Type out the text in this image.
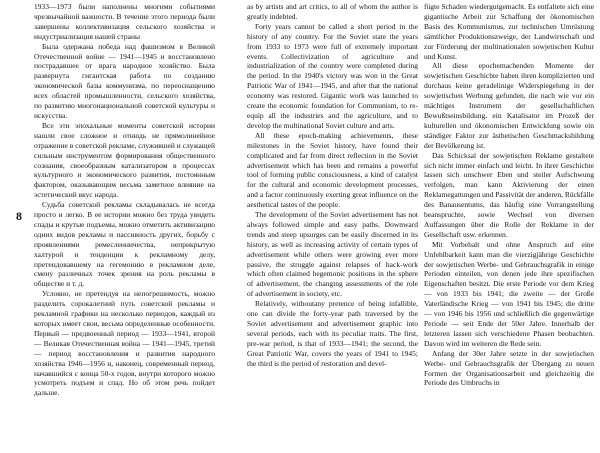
8

1933—1973 были наполнены многими событиями чрезвычайной важности. В течение этого периода были завершены коллективизация сельского хозяйства и индустриализация нашей страны

Была одержана победа над фашизмом в Великой Отечественной войне — 1941—1945 и восстановлено пострадавшее от врага народное хозяйство. Была развернута гигантская работа по созданию экономической базы коммунизма, по переоснащению всех областей промышленности, сельского хозяйства, по развитию многонациональной советской культуры и искусства.

Все эти эпохальные моменты советской истории нашли свое сложное и отнюдь не прямолинейное отражение в советской рекламе, служившей и служащей сильным инструментом формирования общественного сознания, своеобразным катализатором в процессах культурного и экономического развития, постоянным фактором, оказывающим весьма заметное влияние на эстетический вкус народа.

Судьба советской рекламы складывалась не всегда просто и легко. В ее истории можно без труда увидеть спады и крутые подъемы, можно отметить активизацию одних видов рекламы и пассивность других, борьбу с проявлениями ремесленничества, неприкрытую халтурой и тенденции к рекламному делу, претендовавшему на гегемонию в рекламном деле, смену различных точек зрения на роль рекламы в обществе и т. д.

Условно, не претендуя на непогрешимость, можно разделить сорокалетний путь советской рекламы и рекламной графики на несколько периодов, каждый из которых имеет свои, весьма определенные особенности. Первый — предвоенный период — 1933—1941, второй — Великая Отечественная война — 1941—1945, третий — период восстановления и развития народного хозяйства 1946—1956 и, наконец, современный период, начавшийся с конца 50-х годов, внутри которого можно усмотреть подъем и спад. Но об этом речь пойдет дальше.

as by artists and art critics, to all of whom the author is greatly indebted.

Forty years cannot be called a short period in the history of any country. For the Soviet state the years from 1933 to 1973 were full of extremely important events. Collectivization of agriculture and industrialization of the country were completed during the period. In the 1940's victory was won in the Great Patriotic War of 1941—1945, and after that the national economy was restored. Gigantic work was launched to create the economic foundation for Communism, to re-equip all the industries and the agriculture, and to develop the multinational Soviet culture and arts.

All these epoch-making achievements, these milestones in the Soviet history, have found their complicated and far from direct reflection in the Soviet advertisement which has been and remains a powerful tool of forming public consciousness, a kind of catalyst for the cultural and economic development processes, and a factor continuously exerting great influence on the aesthetical tastes of the people.

The development of the Soviet advertisement has not always followed simple and easy paths. Downward trends and steep upsurges can be easily discerned in its history, as well as increasing activity of certain types of advertisement while others were growing ever more passive, the struggle against relapses of hack-work which often claimed hegemonic positions in the sphere of advertisement, the changing assessments of the role of advertisement in society, etc.

Relatively, withoutany pretence of being infallible, one can divide the forty-year path traversed by the Soviet advertisement and advertisement graphic into several periods, each with its peculiar traits. The first, pre-war period, is that of 1933—1941; the second, the Great Patriotic War, covers the years of 1941 to 1945; the third is the period of restoration and devel-

fügte Schaden wiedergutgemacht. Es entfaltete sich eine gigantische Arbeit zur Schaffung der ökonomischen Basis des Kommunismus, zur technischen Umrüstung sämtlicher Produktionszweige, der Landwirtschaft und zur Förderung der multinationalen sowjetischen Kultur und Kunst.

All diese epochemachenden Momente der sowjetischen Geschichte haben ihren komplizierten und durchaus keine geradelinige Widerspiegelung in der sowjetischen Werbung gefunden, die nach wie vor ein mächtiges Instrument der gesellschaftlichen Bewußtseinsbildung, ein Katalisator im Prozeß der kulturellen und ökonomischen Entwicklung sowie ein ständiger Faktor zur ästhetischen Geschmacksbildung der Bevölkerung ist.

Das Schicksal der sowjetischen Reklame gestaltete sich nicht immer einfach und leicht. In ihrer Geschichte lassen sich unschwer Eben und steiler Aufschwung verfolgen, man kann Aktivierung der einen Reklamegattungen und Passivität der anderen, Rückfälle des Banausentums, das häufig eine Vorrangstellung beanspruchte, sowie Wechsel von diversen Auffassungen über die Rolle der Reklame in der Gesellschaft usw. erkennen.

Mit Vorbehalt und ohne Anspruch auf eine Unfehlbarkeit kann man die vierzigjährige Geschichte der sowjetischen Werbe- und Gebrauchsgrafik in einige Perioden einteilen, von denen jede ihre spezifischen Eigenschaften besitzt. Die erste Periode vor dem Krieg — von 1933 bis 1941; die zweite — der Große Vaterländische Krieg — von 1941 bis 1945; die dritte — von 1946 bis 1956 und schließlich die gegenwärtige Periode — seit Ende der 50er Jahre. Innerhalb der letzteren lassen sich verschiedene Phasen beobachten. Davon wird im weiteren die Rede sein.

Anfang der 30er Jahre setzte in der sowjetischen Werbe- und Gebrauchsgrafik der Übergang zu neuen Formen der Organisationsarbeit und gleichzeitig die Periode des Umbruchs in
